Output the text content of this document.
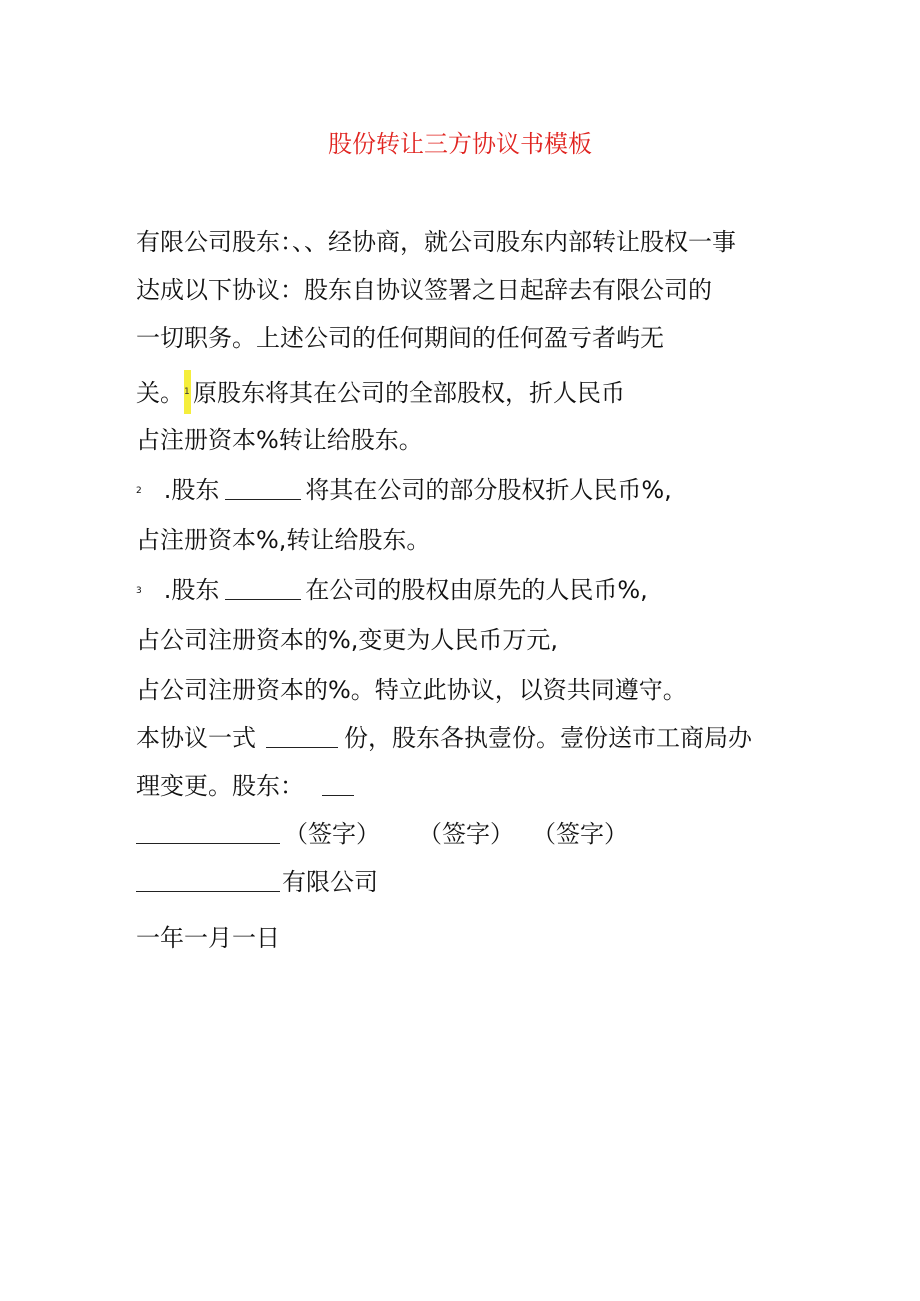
股份转让三方协议书模板
有限公司股东：、、经协商，就公司股东内部转让股权一事
达成以下协议：股东自协议签署之日起辞去有限公司的
一切职务。上述公司的任何期间的任何盈亏者屿无
关。 1 原股东将其在公司的全部股权，折人民币
占注册资本%转让给股东。
2 .股东	将其在公司的部分股权折人民币%,
占注册资本%,转让给股东。
3 .股东	在公司的股权由原先的人民币%,
占公司注册资本的%,变更为人民币万元,
占公司注册资本的%。特立此协议，以资共同遵守。
本协议一式	份，股东各执壹份。壹份送市工商局办
理变更。股东：
（签字） （签字） （签字）
有限公司
一年一月一日
